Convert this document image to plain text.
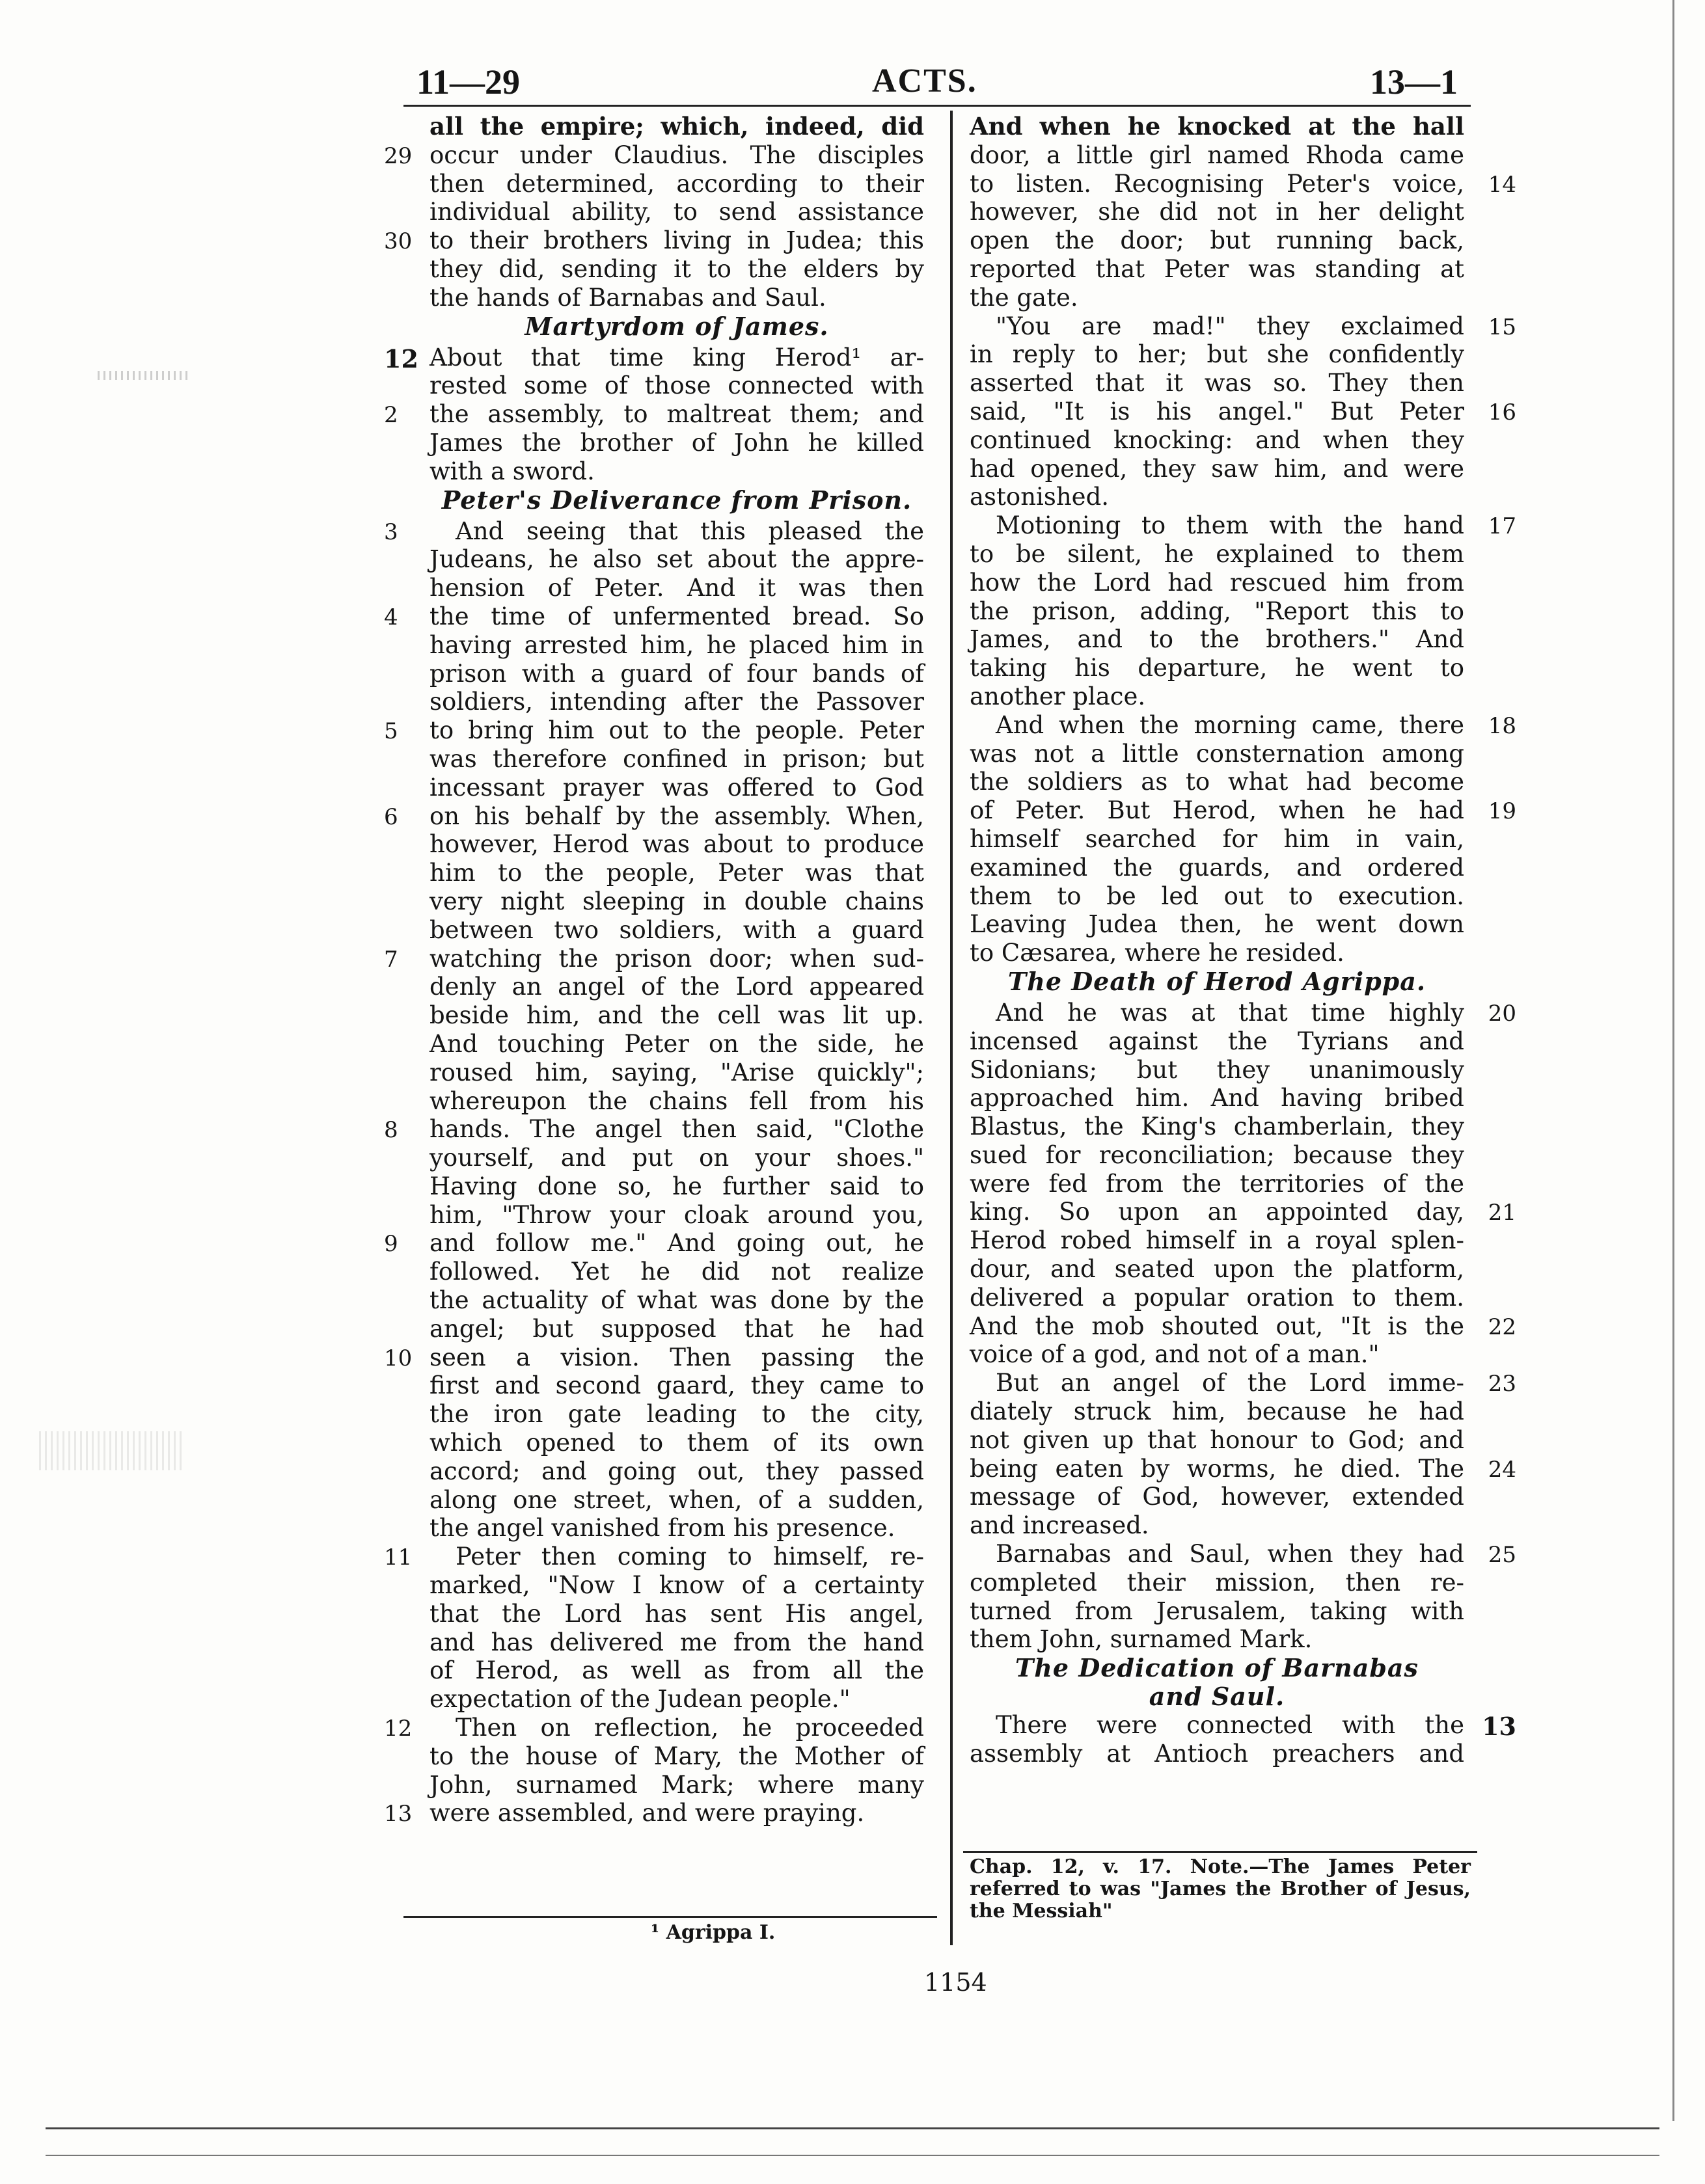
11—29	ACTS.	13—1
all the empire; which, indeed, did
29 occur under Claudius. The disciples
then determined, according to their
individual ability, to send assistance
30 to their brothers living in Judea; this
they did, sending it to the elders by
the hands of Barnabas and Saul.
Martyrdom of James.
12 About that time king Herod¹ ar-
rested some of those connected with
2 the assembly, to maltreat them; and
James the brother of John he killed
with a sword.
Peter's Deliverance from Prison.
3 And seeing that this pleased the
Judeans, he also set about the appre-
hension of Peter. And it was then
4 the time of unfermented bread. So
having arrested him, he placed him in
prison with a guard of four bands of
soldiers, intending after the Passover
5 to bring him out to the people. Peter
was therefore confined in prison; but
incessant prayer was offered to God
6 on his behalf by the assembly. When,
however, Herod was about to produce
him to the people, Peter was that
very night sleeping in double chains
between two soldiers, with a guard
7 watching the prison door; when sud-
denly an angel of the Lord appeared
beside him, and the cell was lit up.
And touching Peter on the side, he
roused him, saying, "Arise quickly";
whereupon the chains fell from his
8 hands. The angel then said, "Clothe
yourself, and put on your shoes."
Having done so, he further said to
him, "Throw your cloak around you,
9 and follow me." And going out, he
followed. Yet he did not realize
the actuality of what was done by the
angel; but supposed that he had
10 seen a vision. Then passing the
first and second gaard, they came to
the iron gate leading to the city,
which opened to them of its own
accord; and going out, they passed
along one street, when, of a sudden,
the angel vanished from his presence.
11 Peter then coming to himself, re-
marked, "Now I know of a certainty
that the Lord has sent His angel,
and has delivered me from the hand
of Herod, as well as from all the
expectation of the Judean people."
12 Then on reflection, he proceeded
to the house of Mary, the Mother of
John, surnamed Mark; where many
13 were assembled, and were praying.
¹ Agrippa I.
And when he knocked at the hall
door, a little girl named Rhoda came
14
to listen. Recognising Peter's voice,
however, she did not in her delight
open the door; but running back,
reported that Peter was standing at
the gate.
15
"You are mad!" they exclaimed
in reply to her; but she confidently
asserted that it was so. They then
16
said, "It is his angel." But Peter
continued knocking: and when they
had opened, they saw him, and were
astonished.
17
Motioning to them with the hand
to be silent, he explained to them
how the Lord had rescued him from
the prison, adding, "Report this to
James, and to the brothers." And
taking his departure, he went to
another place.
18
And when the morning came, there
was not a little consternation among
the soldiers as to what had become
19
of Peter. But Herod, when he had
himself searched for him in vain,
examined the guards, and ordered
them to be led out to execution.
Leaving Judea then, he went down
to Cæsarea, where he resided.
The Death of Herod Agrippa.
20
And he was at that time highly
incensed against the Tyrians and
Sidonians; but they unanimously
approached him. And having bribed
Blastus, the King's chamberlain, they
sued for reconciliation; because they
were fed from the territories of the
21
king. So upon an appointed day,
Herod robed himself in a royal splen-
dour, and seated upon the platform,
delivered a popular oration to them.
22
And the mob shouted out, "It is the
voice of a god, and not of a man."
23
But an angel of the Lord imme-
diately struck him, because he had
not given up that honour to God; and
24
being eaten by worms, he died. The
message of God, however, extended
and increased.
25
Barnabas and Saul, when they had
completed their mission, then re-
turned from Jerusalem, taking with
them John, surnamed Mark.
The Dedication of Barnabas
and Saul.
13
There were connected with the
assembly at Antioch preachers and
Chap. 12, v. 17. Note.—The James Peter
referred to was "James the Brother of Jesus,
the Messiah"
1154
